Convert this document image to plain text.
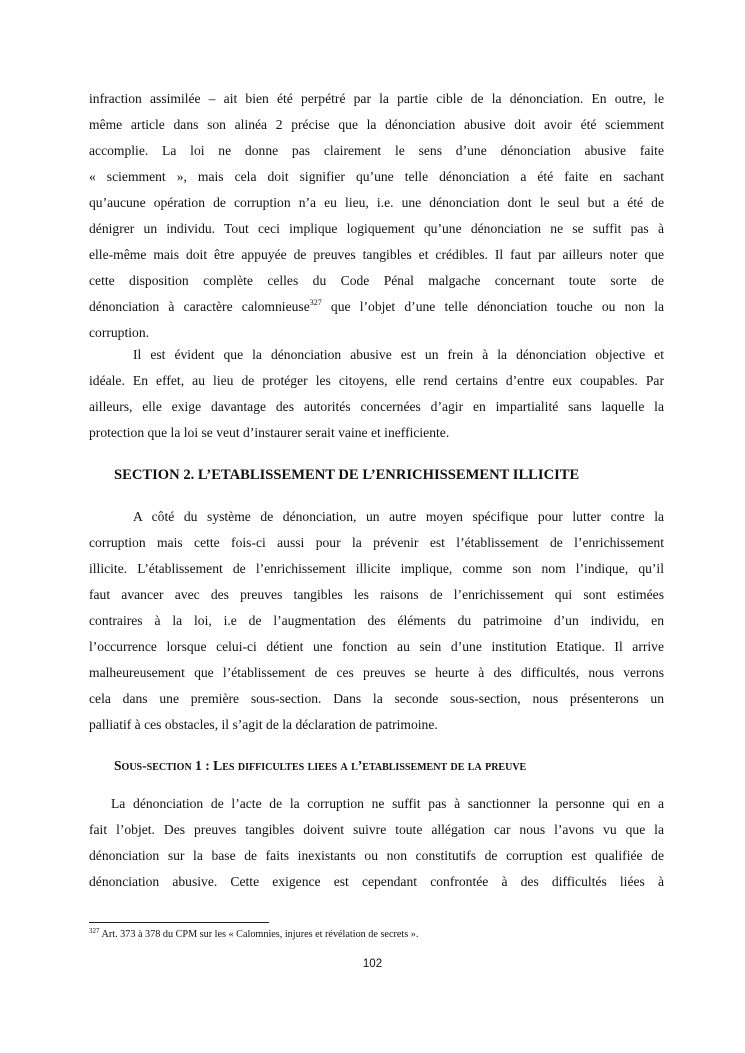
infraction assimilée – ait bien été perpétré par la partie cible de la dénonciation. En outre, le
même article dans son alinéa 2 précise que la dénonciation abusive doit avoir été sciemment
accomplie. La loi ne donne pas clairement le sens d’une dénonciation abusive faite
« sciemment », mais cela doit signifier qu’une telle dénonciation a été faite en sachant
qu’aucune opération de corruption n’a eu lieu, i.e. une dénonciation dont le seul but a été de
dénigrer un individu. Tout ceci implique logiquement qu’une dénonciation ne se suffit pas à
elle-même mais doit être appuyée de preuves tangibles et crédibles. Il faut par ailleurs noter que
cette disposition complète celles du Code Pénal malgache concernant toute sorte de
dénonciation à caractère calomnieuse$^{327}$ que l’objet d’une telle dénonciation touche ou non la
corruption.
Il est évident que la dénonciation abusive est un frein à la dénonciation objective et
idéale. En effet, au lieu de protéger les citoyens, elle rend certains d’entre eux coupables. Par
ailleurs, elle exige davantage des autorités concernées d’agir en impartialité sans laquelle la
protection que la loi se veut d’instaurer serait vaine et inefficiente.
SECTION 2. L’ETABLISSEMENT DE L’ENRICHISSEMENT ILLICITE
A côté du système de dénonciation, un autre moyen spécifique pour lutter contre la
corruption mais cette fois-ci aussi pour la prévenir est l’établissement de l’enrichissement
illicite. L’établissement de l’enrichissement illicite implique, comme son nom l’indique, qu’il
faut avancer avec des preuves tangibles les raisons de l’enrichissement qui sont estimées
contraires à la loi, i.e de l’augmentation des éléments du patrimoine d’un individu, en
l’occurrence lorsque celui-ci détient une fonction au sein d’une institution Etatique. Il arrive
malheureusement que l’établissement de ces preuves se heurte à des difficultés, nous verrons
cela dans une première sous-section. Dans la seconde sous-section, nous présenterons un
palliatif à ces obstacles, il s’agit de la déclaration de patrimoine.
Sous-section 1 : Les difficultes liees a l’etablissement de la preuve
La dénonciation de l’acte de la corruption ne suffit pas à sanctionner la personne qui en a
fait l’objet. Des preuves tangibles doivent suivre toute allégation car nous l’avons vu que la
dénonciation sur la base de faits inexistants ou non constitutifs de corruption est qualifiée de
dénonciation abusive. Cette exigence est cependant confrontée à des difficultés liées à
$^{327}$ Art. 373 à 378 du CPM sur les « Calomnies, injures et révélation de secrets ».
102
